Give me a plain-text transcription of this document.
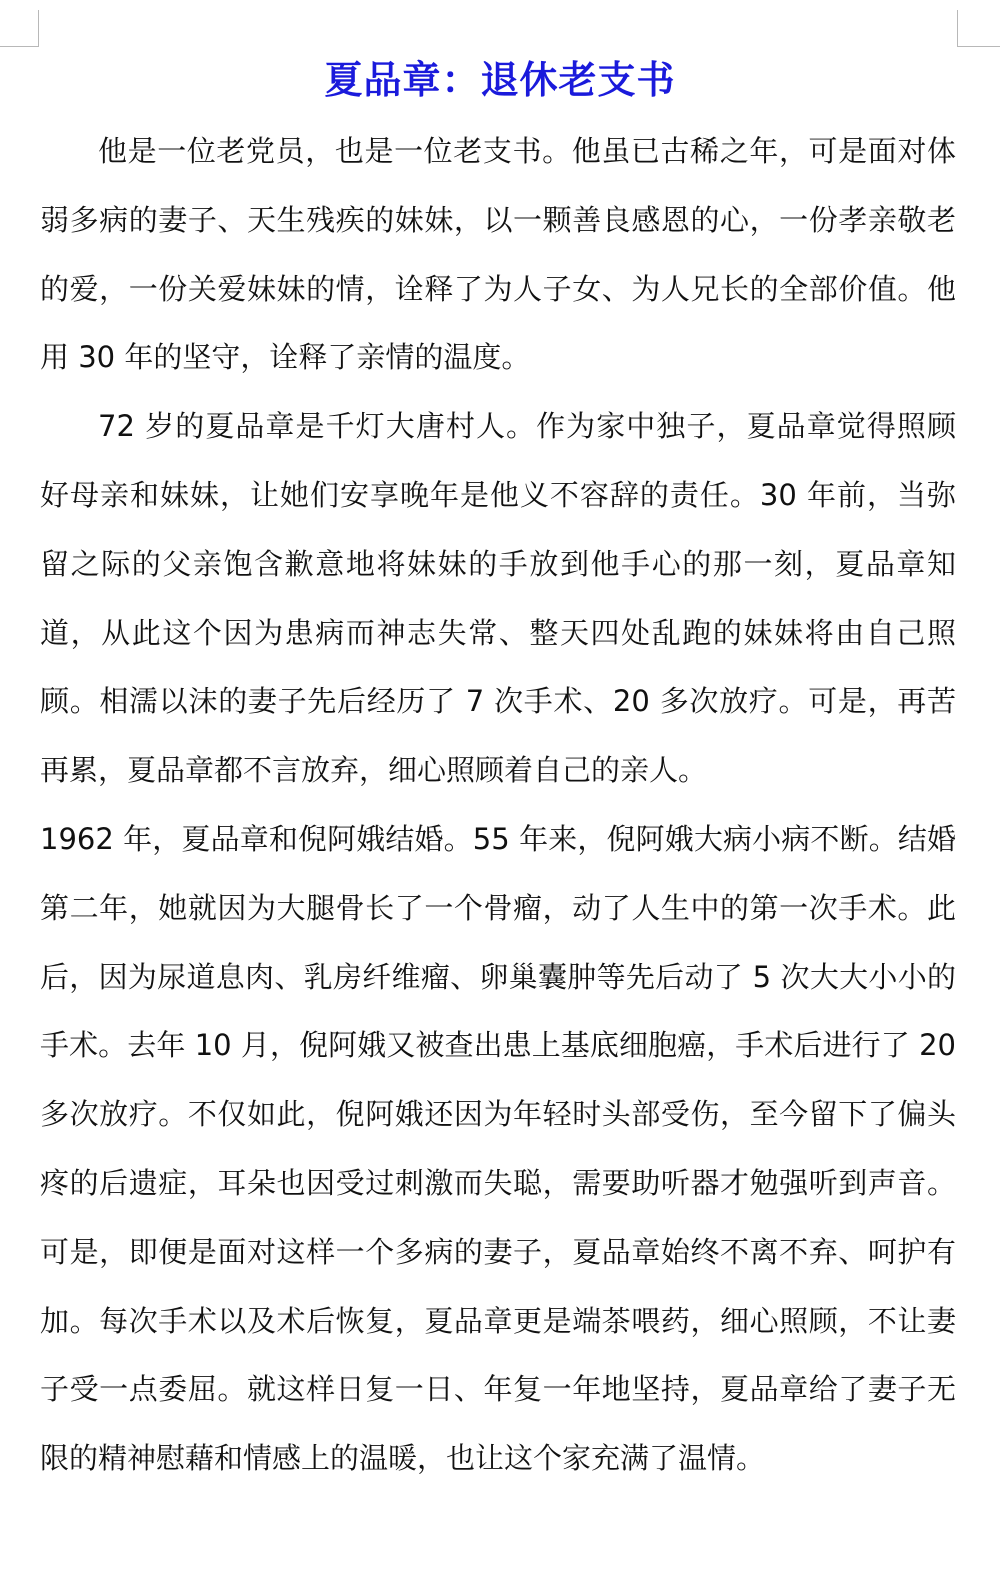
夏品章：退休老支书

他是一位老党员，也是一位老支书。他虽已古稀之年，可是面对体弱多病的妻子、天生残疾的妹妹，以一颗善良感恩的心，一份孝亲敬老的爱，一份关爱妹妹的情，诠释了为人子女、为人兄长的全部价值。他用 30 年的坚守，诠释了亲情的温度。

72 岁的夏品章是千灯大唐村人。作为家中独子，夏品章觉得照顾好母亲和妹妹，让她们安享晚年是他义不容辞的责任。30 年前，当弥留之际的父亲饱含歉意地将妹妹的手放到他手心的那一刻，夏品章知道，从此这个因为患病而神志失常、整天四处乱跑的妹妹将由自己照顾。相濡以沫的妻子先后经历了 7 次手术、20 多次放疗。可是，再苦再累，夏品章都不言放弃，细心照顾着自己的亲人。

1962 年，夏品章和倪阿娥结婚。55 年来，倪阿娥大病小病不断。结婚第二年，她就因为大腿骨长了一个骨瘤，动了人生中的第一次手术。此后，因为尿道息肉、乳房纤维瘤、卵巢囊肿等先后动了 5 次大大小小的手术。去年 10 月，倪阿娥又被查出患上基底细胞癌，手术后进行了 20 多次放疗。不仅如此，倪阿娥还因为年轻时头部受伤，至今留下了偏头疼的后遗症，耳朵也因受过刺激而失聪，需要助听器才勉强听到声音。可是，即便是面对这样一个多病的妻子，夏品章始终不离不弃、呵护有加。每次手术以及术后恢复，夏品章更是端茶喂药，细心照顾，不让妻子受一点委屈。就这样日复一日、年复一年地坚持，夏品章给了妻子无限的精神慰藉和情感上的温暖，也让这个家充满了温情。
